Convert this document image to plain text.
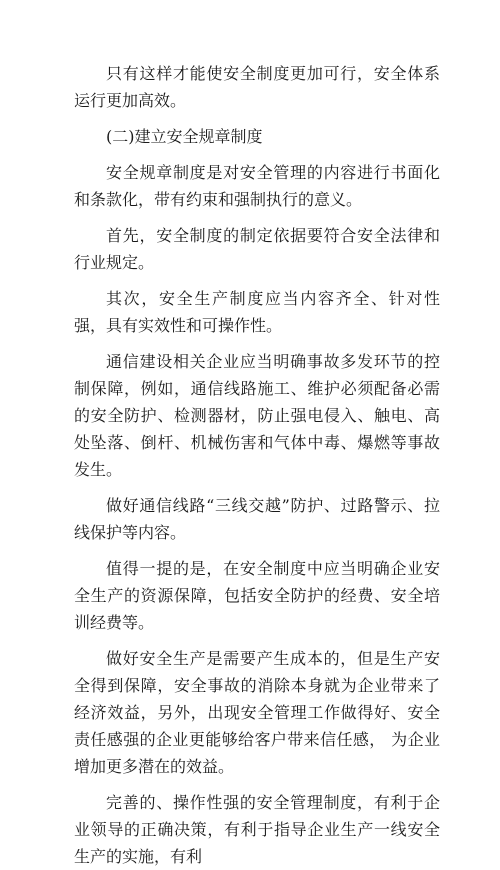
只有这样才能使安全制度更加可行，安全体系运行更加高效。

(二)建立安全规章制度

安全规章制度是对安全管理的内容进行书面化和条款化，带有约束和强制执行的意义。

首先，安全制度的制定依据要符合安全法律和行业规定。

其次，安全生产制度应当内容齐全、针对性强，具有实效性和可操作性。

通信建设相关企业应当明确事故多发环节的控制保障，例如，通信线路施工、维护必须配备必需的安全防护、检测器材，防止强电侵入、触电、高处坠落、倒杆、机械伤害和气体中毒、爆燃等事故发生。

做好通信线路“三线交越”防护、过路警示、拉线保护等内容。

值得一提的是，在安全制度中应当明确企业安全生产的资源保障，包括安全防护的经费、安全培训经费等。

做好安全生产是需要产生成本的，但是生产安全得到保障，安全事故的消除本身就为企业带来了经济效益，另外，出现安全管理工作做得好、安全责任感强的企业更能够给客户带来信任感， 为企业增加更多潜在的效益。

完善的、操作性强的安全管理制度，有利于企业领导的正确决策，有利于指导企业生产一线安全生产的实施，有利
